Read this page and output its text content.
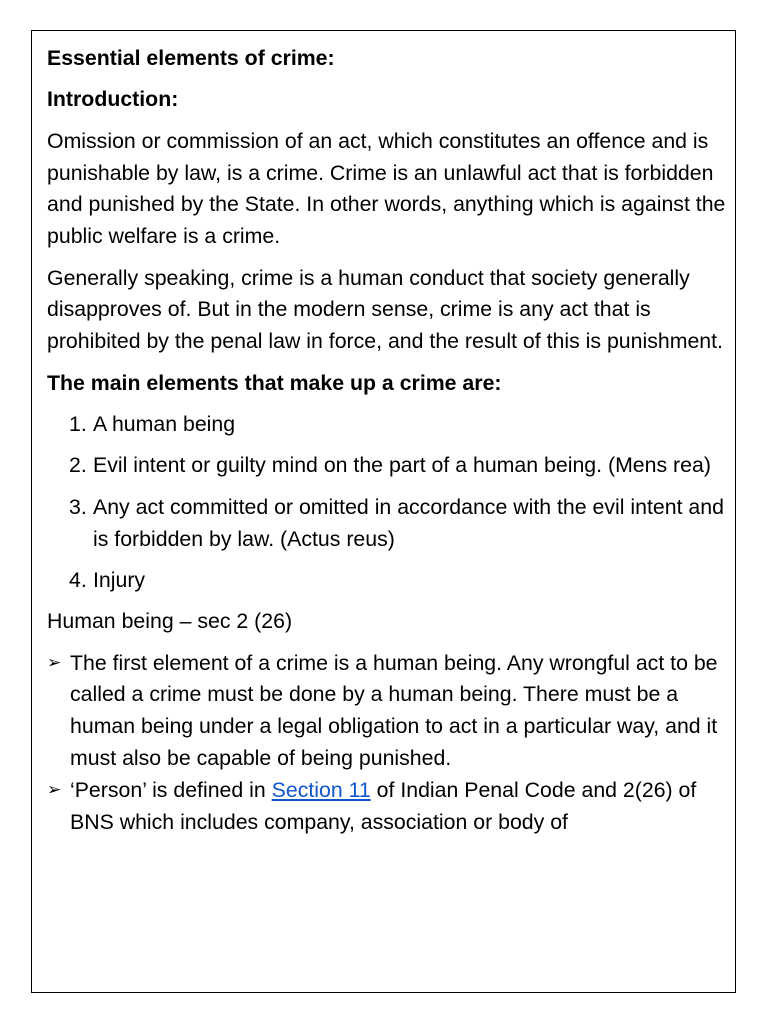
Essential elements of crime:

Introduction:

Omission or commission of an act, which constitutes an offence and is punishable by law, is a crime. Crime is an unlawful act that is forbidden and punished by the State. In other words, anything which is against the public welfare is a crime.

Generally speaking, crime is a human conduct that society generally disapproves of. But in the modern sense, crime is any act that is prohibited by the penal law in force, and the result of this is punishment.

The main elements that make up a crime are:

1. A human being
2. Evil intent or guilty mind on the part of a human being. (Mens rea)
3. Any act committed or omitted in accordance with the evil intent and is forbidden by law. (Actus reus)
4. Injury

Human being – sec 2 (26)

➢ The first element of a crime is a human being. Any wrongful act to be called a crime must be done by a human being. There must be a human being under a legal obligation to act in a particular way, and it must also be capable of being punished.
➢ ‘Person’ is defined in Section 11 of Indian Penal Code and 2(26) of BNS which includes company, association or body of
